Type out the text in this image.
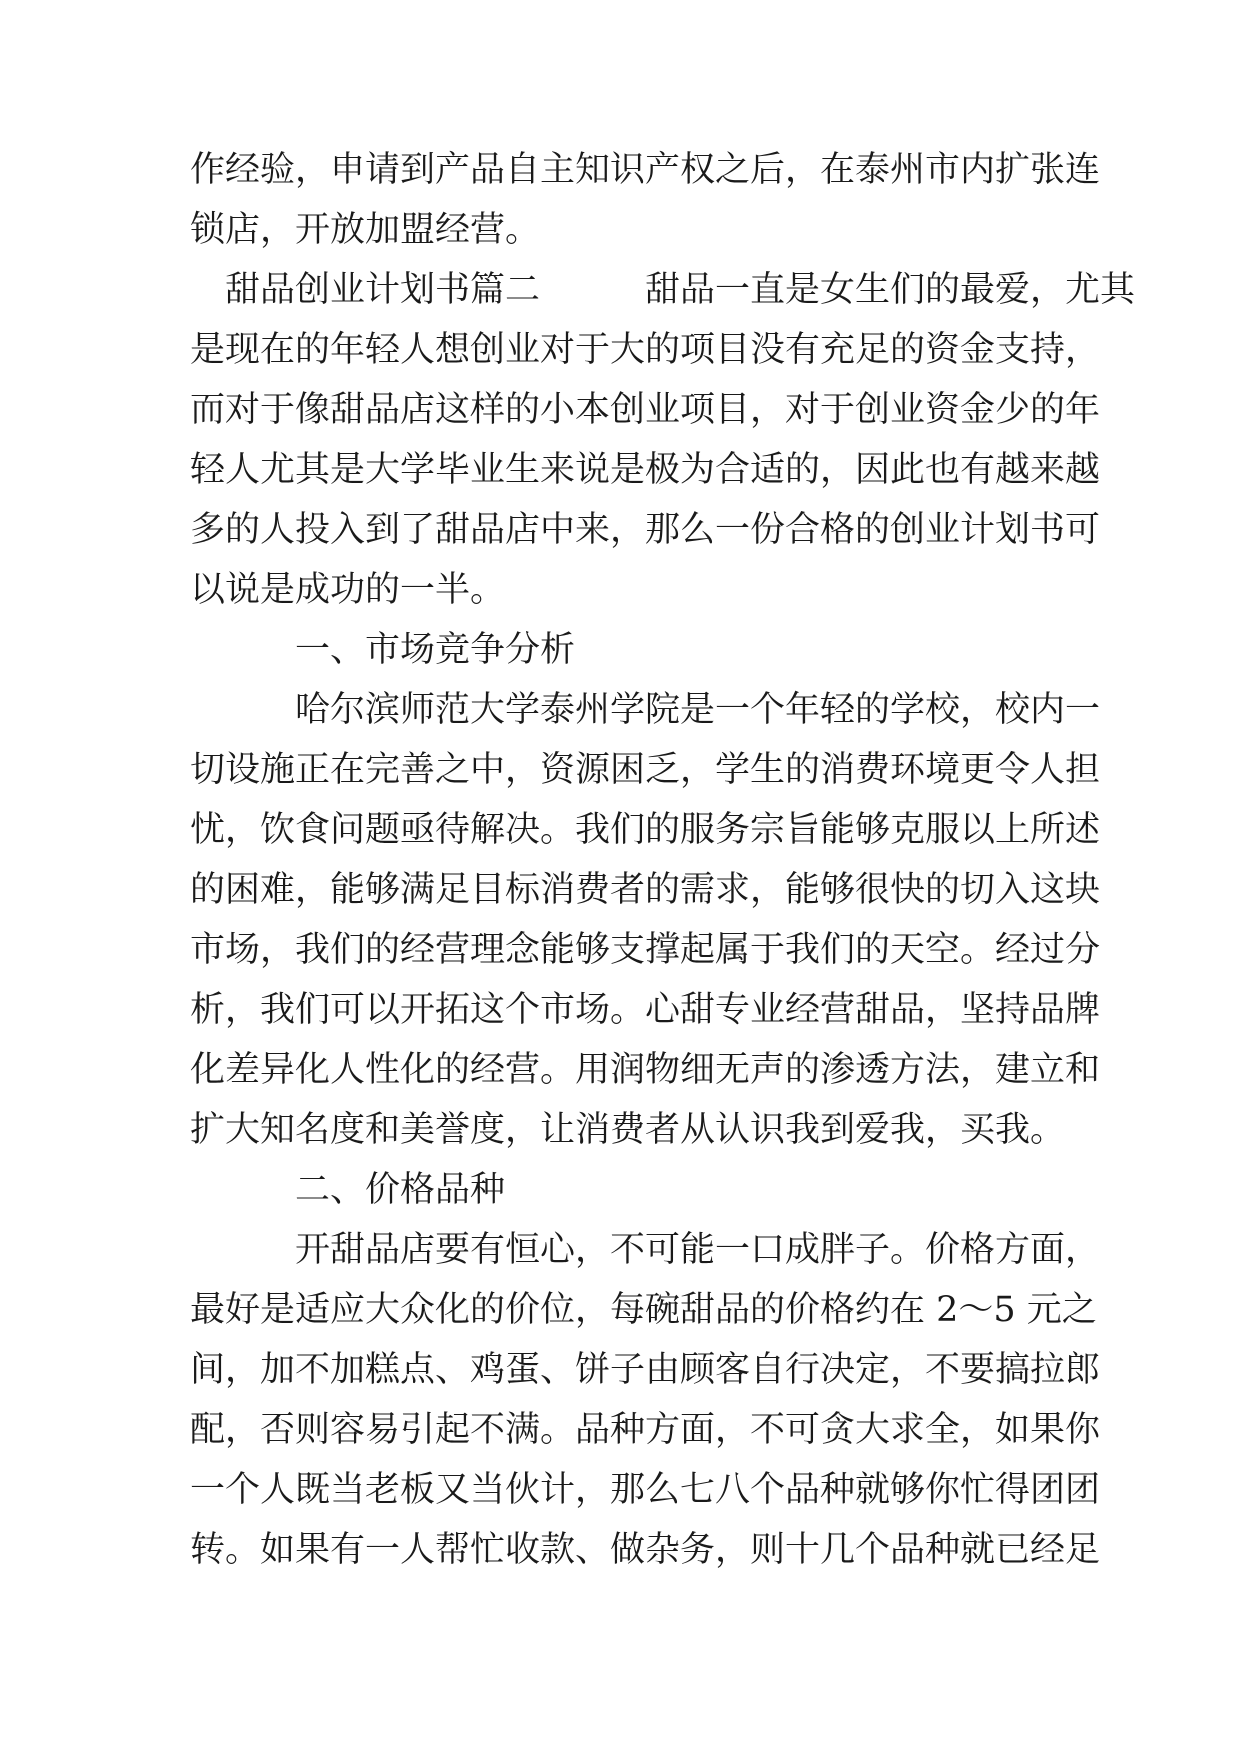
作经验，申请到产品自主知识产权之后，在泰州市内扩张连
锁店，开放加盟经营。
　甜品创业计划书篇二　　　甜品一直是女生们的最爱，尤其
是现在的年轻人想创业对于大的项目没有充足的资金支持，
而对于像甜品店这样的小本创业项目，对于创业资金少的年
轻人尤其是大学毕业生来说是极为合适的，因此也有越来越
多的人投入到了甜品店中来，那么一份合格的创业计划书可
以说是成功的一半。
　　　一、市场竞争分析
　　　哈尔滨师范大学泰州学院是一个年轻的学校，校内一
切设施正在完善之中，资源困乏，学生的消费环境更令人担
忧，饮食问题亟待解决。我们的服务宗旨能够克服以上所述
的困难，能够满足目标消费者的需求，能够很快的切入这块
市场，我们的经营理念能够支撑起属于我们的天空。经过分
析，我们可以开拓这个市场。心甜专业经营甜品，坚持品牌
化差异化人性化的经营。用润物细无声的渗透方法，建立和
扩大知名度和美誉度，让消费者从认识我到爱我，买我。
　　　二、价格品种
　　　开甜品店要有恒心，不可能一口成胖子。价格方面，
最好是适应大众化的价位，每碗甜品的价格约在 2～5 元之
间，加不加糕点、鸡蛋、饼子由顾客自行决定，不要搞拉郎
配，否则容易引起不满。品种方面，不可贪大求全，如果你
一个人既当老板又当伙计，那么七八个品种就够你忙得团团
转。如果有一人帮忙收款、做杂务，则十几个品种就已经足
